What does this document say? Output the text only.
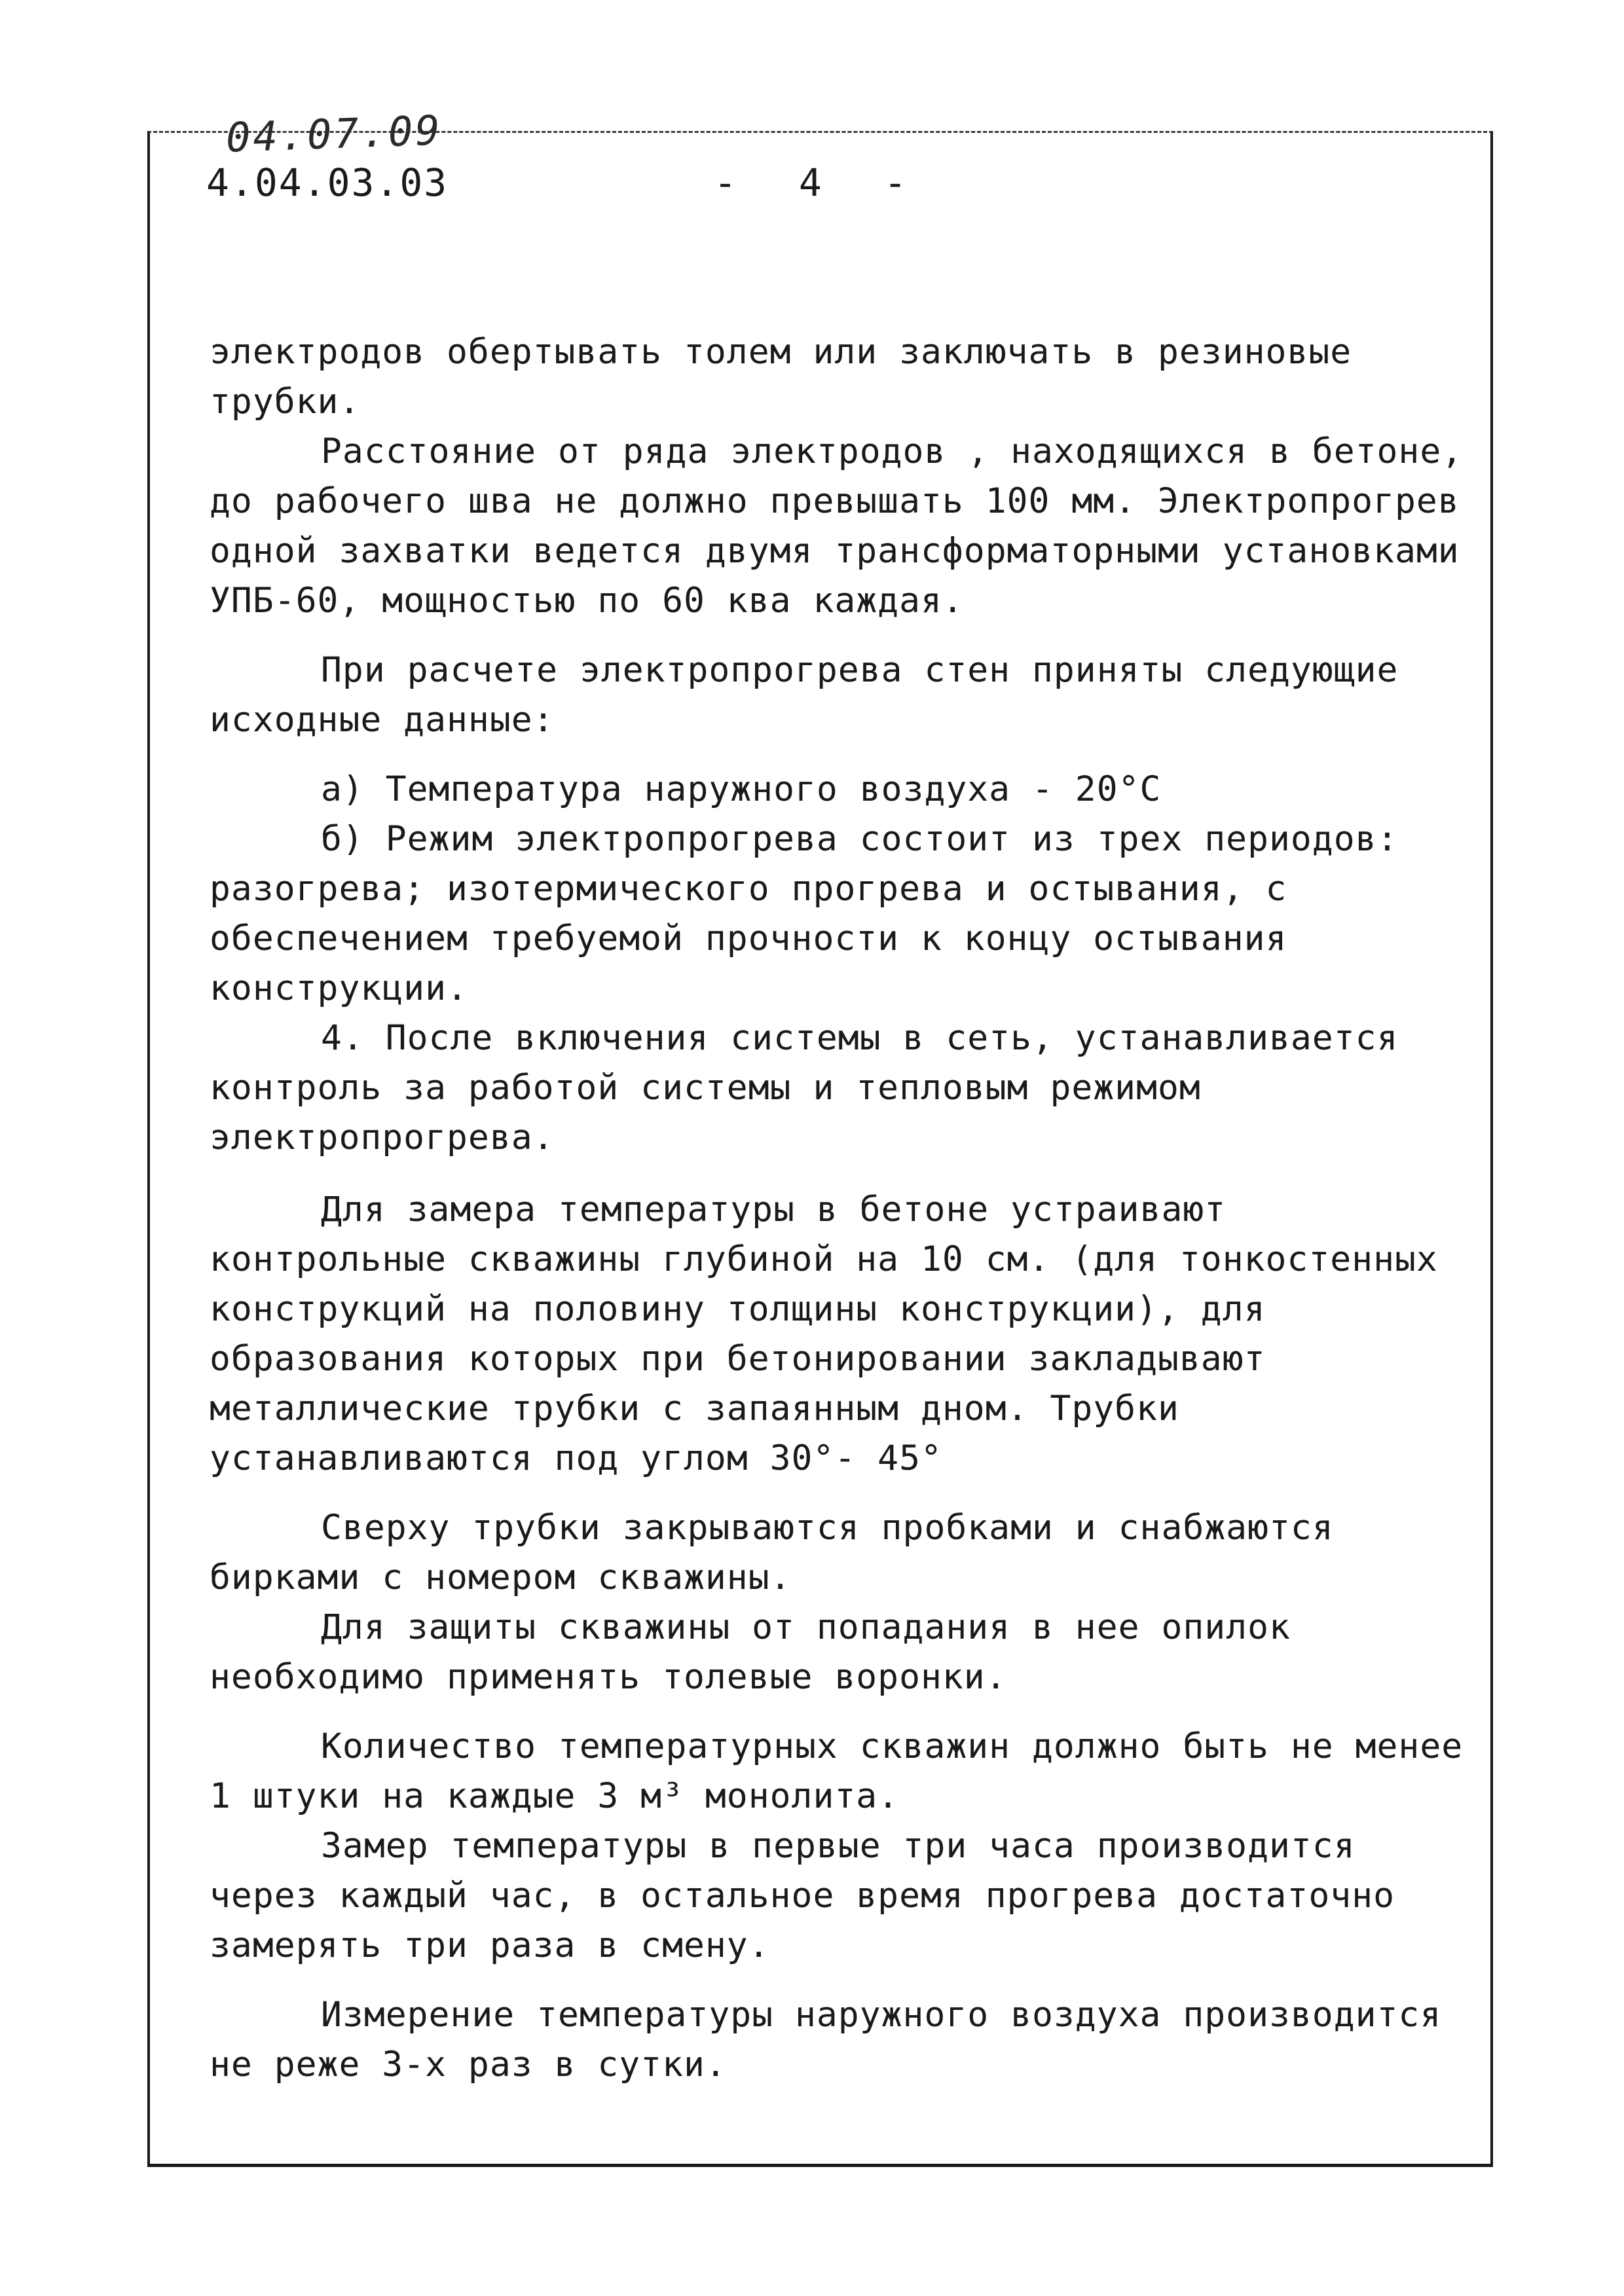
04.07.09
4.04.03.03	- 4 -

электродов обертывать толем или заключать в резиновые трубки.

Расстояние от ряда электродов , находящихся в бетоне, до рабочего шва не должно превышать 100 мм. Электропрогрев одной захватки ведется двумя трансформаторными установками УПБ-60, мощностью по 60 ква каждая.

При расчете электропрогрева стен приняты следующие исходные данные:

а) Температура наружного воздуха - 20°С

б) Режим электропрогрева состоит из трех периодов: разогрева; изотермического прогрева и остывания, с обеспечением требуемой прочности к концу остывания конструкции.

4. После включения системы в сеть, устанавливается контроль за работой системы и тепловым режимом электропрогрева.

Для замера температуры в бетоне устраивают контрольные скважины глубиной на 10 см. (для тонкостенных конструкций на половину толщины конструкции), для образования которых при бетонировании закладывают металлические трубки с запаянным дном. Трубки устанавливаются под углом 30°- 45°

Сверху трубки закрываются пробками и снабжаются бирками с номером скважины.

Для защиты скважины от попадания в нее опилок необходимо применять толевые воронки.

Количество температурных скважин должно быть не менее 1 штуки на каждые 3 м³ монолита.

Замер температуры в первые три часа производится через каждый час, в остальное время прогрева достаточно замерять три раза в смену.

Измерение температуры наружного воздуха производится не реже 3-х раз в сутки.
